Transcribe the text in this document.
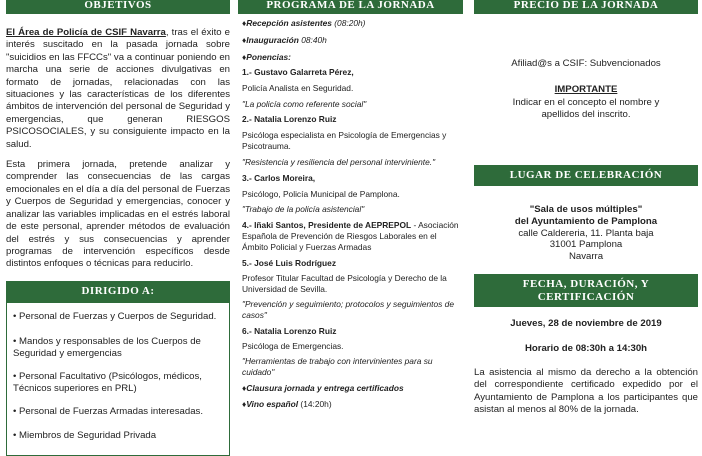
OBJETIVOS

El Área de Policía de CSIF Navarra, tras el éxito e interés suscitado en la pasada jornada sobre "suicidios en las FFCCs" va a continuar poniendo en marcha una serie de acciones divulgativas en formato de jornadas, relacionadas con las situaciones y las características de los diferentes ámbitos de intervención del personal de Seguridad y emergencias, que generan RIESGOS PSICOSOCIALES, y su consiguiente impacto en la salud.

Esta primera jornada, pretende analizar y comprender las consecuencias de las cargas emocionales en el día a día del personal de Fuerzas y Cuerpos de Seguridad y emergencias, conocer y analizar las variables implicadas en el estrés laboral de este personal, aprender métodos de evaluación del estrés y sus consecuencias y aprender programas de intervención específicos desde distintos enfoques o técnicas para reducirlo.

DIRIGIDO A:
• Personal de Fuerzas y Cuerpos de Seguridad.
• Mandos y responsables de los Cuerpos de Seguridad y emergencias
• Personal Facultativo (Psicólogos, médicos, Técnicos superiores en PRL)
• Personal de Fuerzas Armadas interesadas.
• Miembros de Seguridad Privada
PROGRAMA DE LA JORNADA

♦Recepción asistentes (08:20h)

♦Inauguración 08:40h

♦Ponencias:

1.- Gustavo Galarreta Pérez,

Policía Analista en Seguridad.

"La policía como referente social"

2.- Natalia Lorenzo Ruiz

Psicóloga especialista en Psicología de Emergencias y Psicotrauma.

"Resistencia y resiliencia del personal interviniente."

3.- Carlos Moreira,

Psicólogo, Policía Municipal de Pamplona.

"Trabajo de la policía asistencial"

4.- Iñaki Santos, Presidente de AEPREPOL - Asociación Española de Prevención de Riesgos Laborales en el Ámbito Policial y Fuerzas Armadas

5.- José Luis Rodríguez

Profesor Titular Facultad de Psicología y Derecho de la Universidad de Sevilla.

"Prevención y seguimiento; protocolos y seguimientos de casos"

6.- Natalia Lorenzo Ruiz

Psicóloga de Emergencias.

"Herramientas de trabajo con intervinientes para su cuidado"

♦Clausura jornada y entrega certificados

♦Vino español (14:20h)

PRECIO DE LA JORNADA
Afiliad@s a CSIF: Subvencionados
IMPORTANTE
Indicar en el concepto el nombre y apellidos del inscrito.
LUGAR DE CELEBRACIÓN
"Sala de usos múltiples"
del Ayuntamiento de Pamplona
calle Caldereria, 11. Planta baja
31001 Pamplona
Navarra
FECHA, DURACIÓN, Y CERTIFICACIÓN
Jueves, 28 de noviembre de 2019
Horario de 08:30h a 14:30h

La asistencia al mismo da derecho a la obtención del correspondiente certificado expedido por el Ayuntamiento de Pamplona a los participantes que asistan al menos al 80% de la jornada.
